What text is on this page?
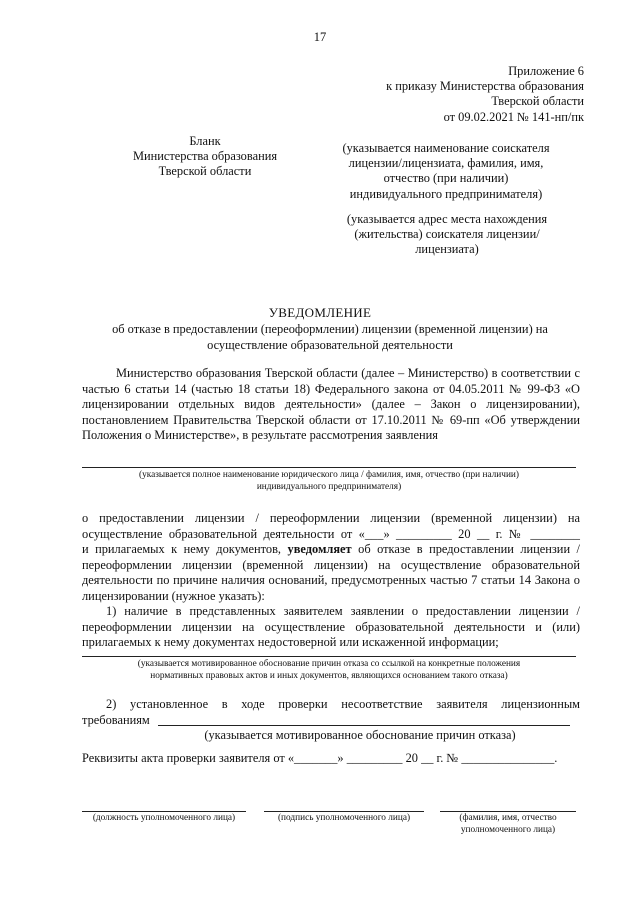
17
Приложение 6
к приказу Министерства образования
Тверской области
от 09.02.2021 № 141-нп/пк
Бланк
Министерства образования
Тверской области
(указывается наименование соискателя лицензии/лицензиата, фамилия, имя, отчество (при наличии) индивидуального предпринимателя)
(указывается адрес места нахождения (жительства) соискателя лицензии/лицензиата)
УВЕДОМЛЕНИЕ
об отказе в предоставлении (переоформлении) лицензии (временной лицензии) на
осуществление образовательной деятельности
Министерство образования Тверской области (далее – Министерство) в соответствии с частью 6 статьи 14 (частью 18 статьи 18) Федерального закона от 04.05.2011 № 99-ФЗ «О лицензировании отдельных видов деятельности» (далее – Закон о лицензировании), постановлением Правительства Тверской области от 17.10.2011 № 69-пп «Об утверждении Положения о Министерстве», в результате рассмотрения заявления
(указывается полное наименование юридического лица / фамилия, имя, отчество (при наличии)
индивидуального предпринимателя)
о предоставлении лицензии / переоформлении лицензии (временной лицензии) на
осуществление образовательной деятельности от «___» _________ 20 __ г. № ________
и прилагаемых к нему документов, уведомляет об отказе в предоставлении лицензии /
переоформлении лицензии (временной лицензии) на осуществление образовательной деятельности по причине наличия оснований, предусмотренных частью 7 статьи 14 Закона о лицензировании (нужное указать):
1) наличие в представленных заявителем заявлении о предоставлении лицензии / переоформлении лицензии на осуществление образовательной деятельности и (или) прилагаемых к нему документах недостоверной или искаженной информации;
(указывается мотивированное обоснование причин отказа со ссылкой на конкретные положения
нормативных правовых актов и иных документов, являющихся основанием такого отказа)
2) установленное в ходе проверки несоответствие заявителя лицензионным
требованиям
(указывается мотивированное обоснование причин отказа)
Реквизиты акта проверки заявителя от «_______» _________ 20 __ г. № _______________.
(должность уполномоченного лица)	(подпись уполномоченного лица)	(фамилия, имя, отчество уполномоченного лица)
